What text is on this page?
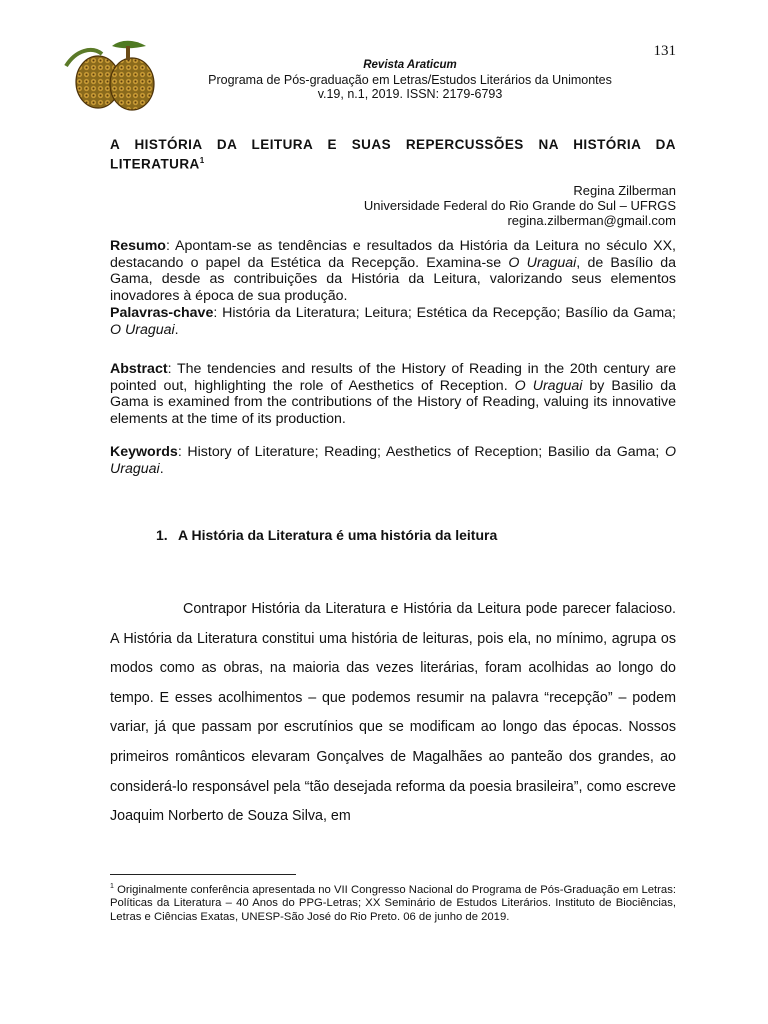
131
Revista Araticum
Programa de Pós-graduação em Letras/Estudos Literários da Unimontes
v.19, n.1, 2019. ISSN: 2179-6793
A HISTÓRIA DA LEITURA E SUAS REPERCUSSÕES NA HISTÓRIA DA LITERATURA$^1$
Regina Zilberman
Universidade Federal do Rio Grande do Sul – UFRGS
regina.zilberman@gmail.com
Resumo: Apontam-se as tendências e resultados da História da Leitura no século XX, destacando o papel da Estética da Recepção. Examina-se O Uraguai, de Basílio da Gama, desde as contribuições da História da Leitura, valorizando seus elementos inovadores à época de sua produção.
Palavras-chave: História da Literatura; Leitura; Estética da Recepção; Basílio da Gama; O Uraguai.
Abstract: The tendencies and results of the History of Reading in the 20th century are pointed out, highlighting the role of Aesthetics of Reception. O Uraguai by Basilio da Gama is examined from the contributions of the History of Reading, valuing its innovative elements at the time of its production.
Keywords: History of Literature; Reading; Aesthetics of Reception; Basilio da Gama; O Uraguai.
1. A História da Literatura é uma história da leitura
Contrapor História da Literatura e História da Leitura pode parecer falacioso. A História da Literatura constitui uma história de leituras, pois ela, no mínimo, agrupa os modos como as obras, na maioria das vezes literárias, foram acolhidas ao longo do tempo. E esses acolhimentos – que podemos resumir na palavra “recepção” – podem variar, já que passam por escrutínios que se modificam ao longo das épocas. Nossos primeiros românticos elevaram Gonçalves de Magalhães ao panteão dos grandes, ao considerá-lo responsável pela “tão desejada reforma da poesia brasileira”, como escreve Joaquim Norberto de Souza Silva, em
$^1$ Originalmente conferência apresentada no VII Congresso Nacional do Programa de Pós-Graduação em Letras: Políticas da Literatura – 40 Anos do PPG-Letras; XX Seminário de Estudos Literários. Instituto de Biociências, Letras e Ciências Exatas, UNESP-São José do Rio Preto. 06 de junho de 2019.
